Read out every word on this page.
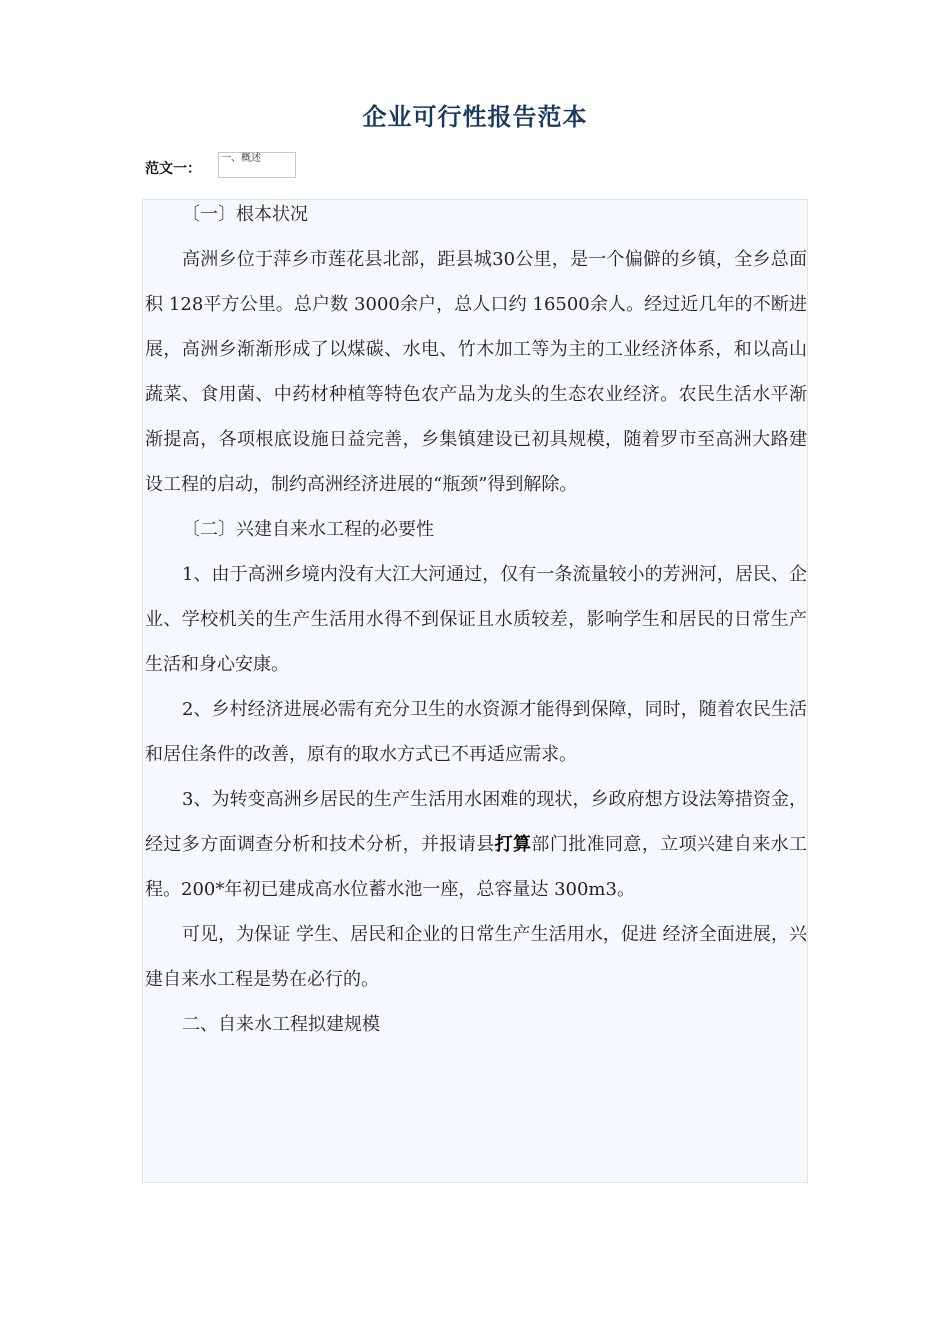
企业可行性报告范本
范文一：
一、概述

〔一〕根本状况

高洲乡位于萍乡市莲花县北部，距县城30公里，是一个偏僻的乡镇，全乡总面积 128平方公里。总户数 3000余户，总人口约 16500余人。经过近几年的不断进展，高洲乡渐渐形成了以煤碳、水电、竹木加工等为主的工业经济体系，和以高山蔬菜、食用菌、中药材种植等特色农产品为龙头的生态农业经济。农民生活水平渐渐提高，各项根底设施日益完善，乡集镇建设已初具规模，随着罗市至高洲大路建设工程的启动，制约高洲经济进展的“瓶颈”得到解除。

〔二〕兴建自来水工程的必要性

1、由于高洲乡境内没有大江大河通过，仅有一条流量较小的芳洲河，居民、企业、学校机关的生产生活用水得不到保证且水质较差，影响学生和居民的日常生产生活和身心安康。

2、乡村经济进展必需有充分卫生的水资源才能得到保障，同时，随着农民生活和居住条件的改善，原有的取水方式已不再适应需求。

3、为转变高洲乡居民的生产生活用水困难的现状，乡政府想方设法筹措资金，经过多方面调查分析和技术分析，并报请县打算部门批准同意，立项兴建自来水工程。200*年初已建成高水位蓄水池一座，总容量达 300m3。

可见，为保证 学生、居民和企业的日常生产生活用水，促进 经济全面进展，兴建自来水工程是势在必行的。

二、自来水工程拟建规模
